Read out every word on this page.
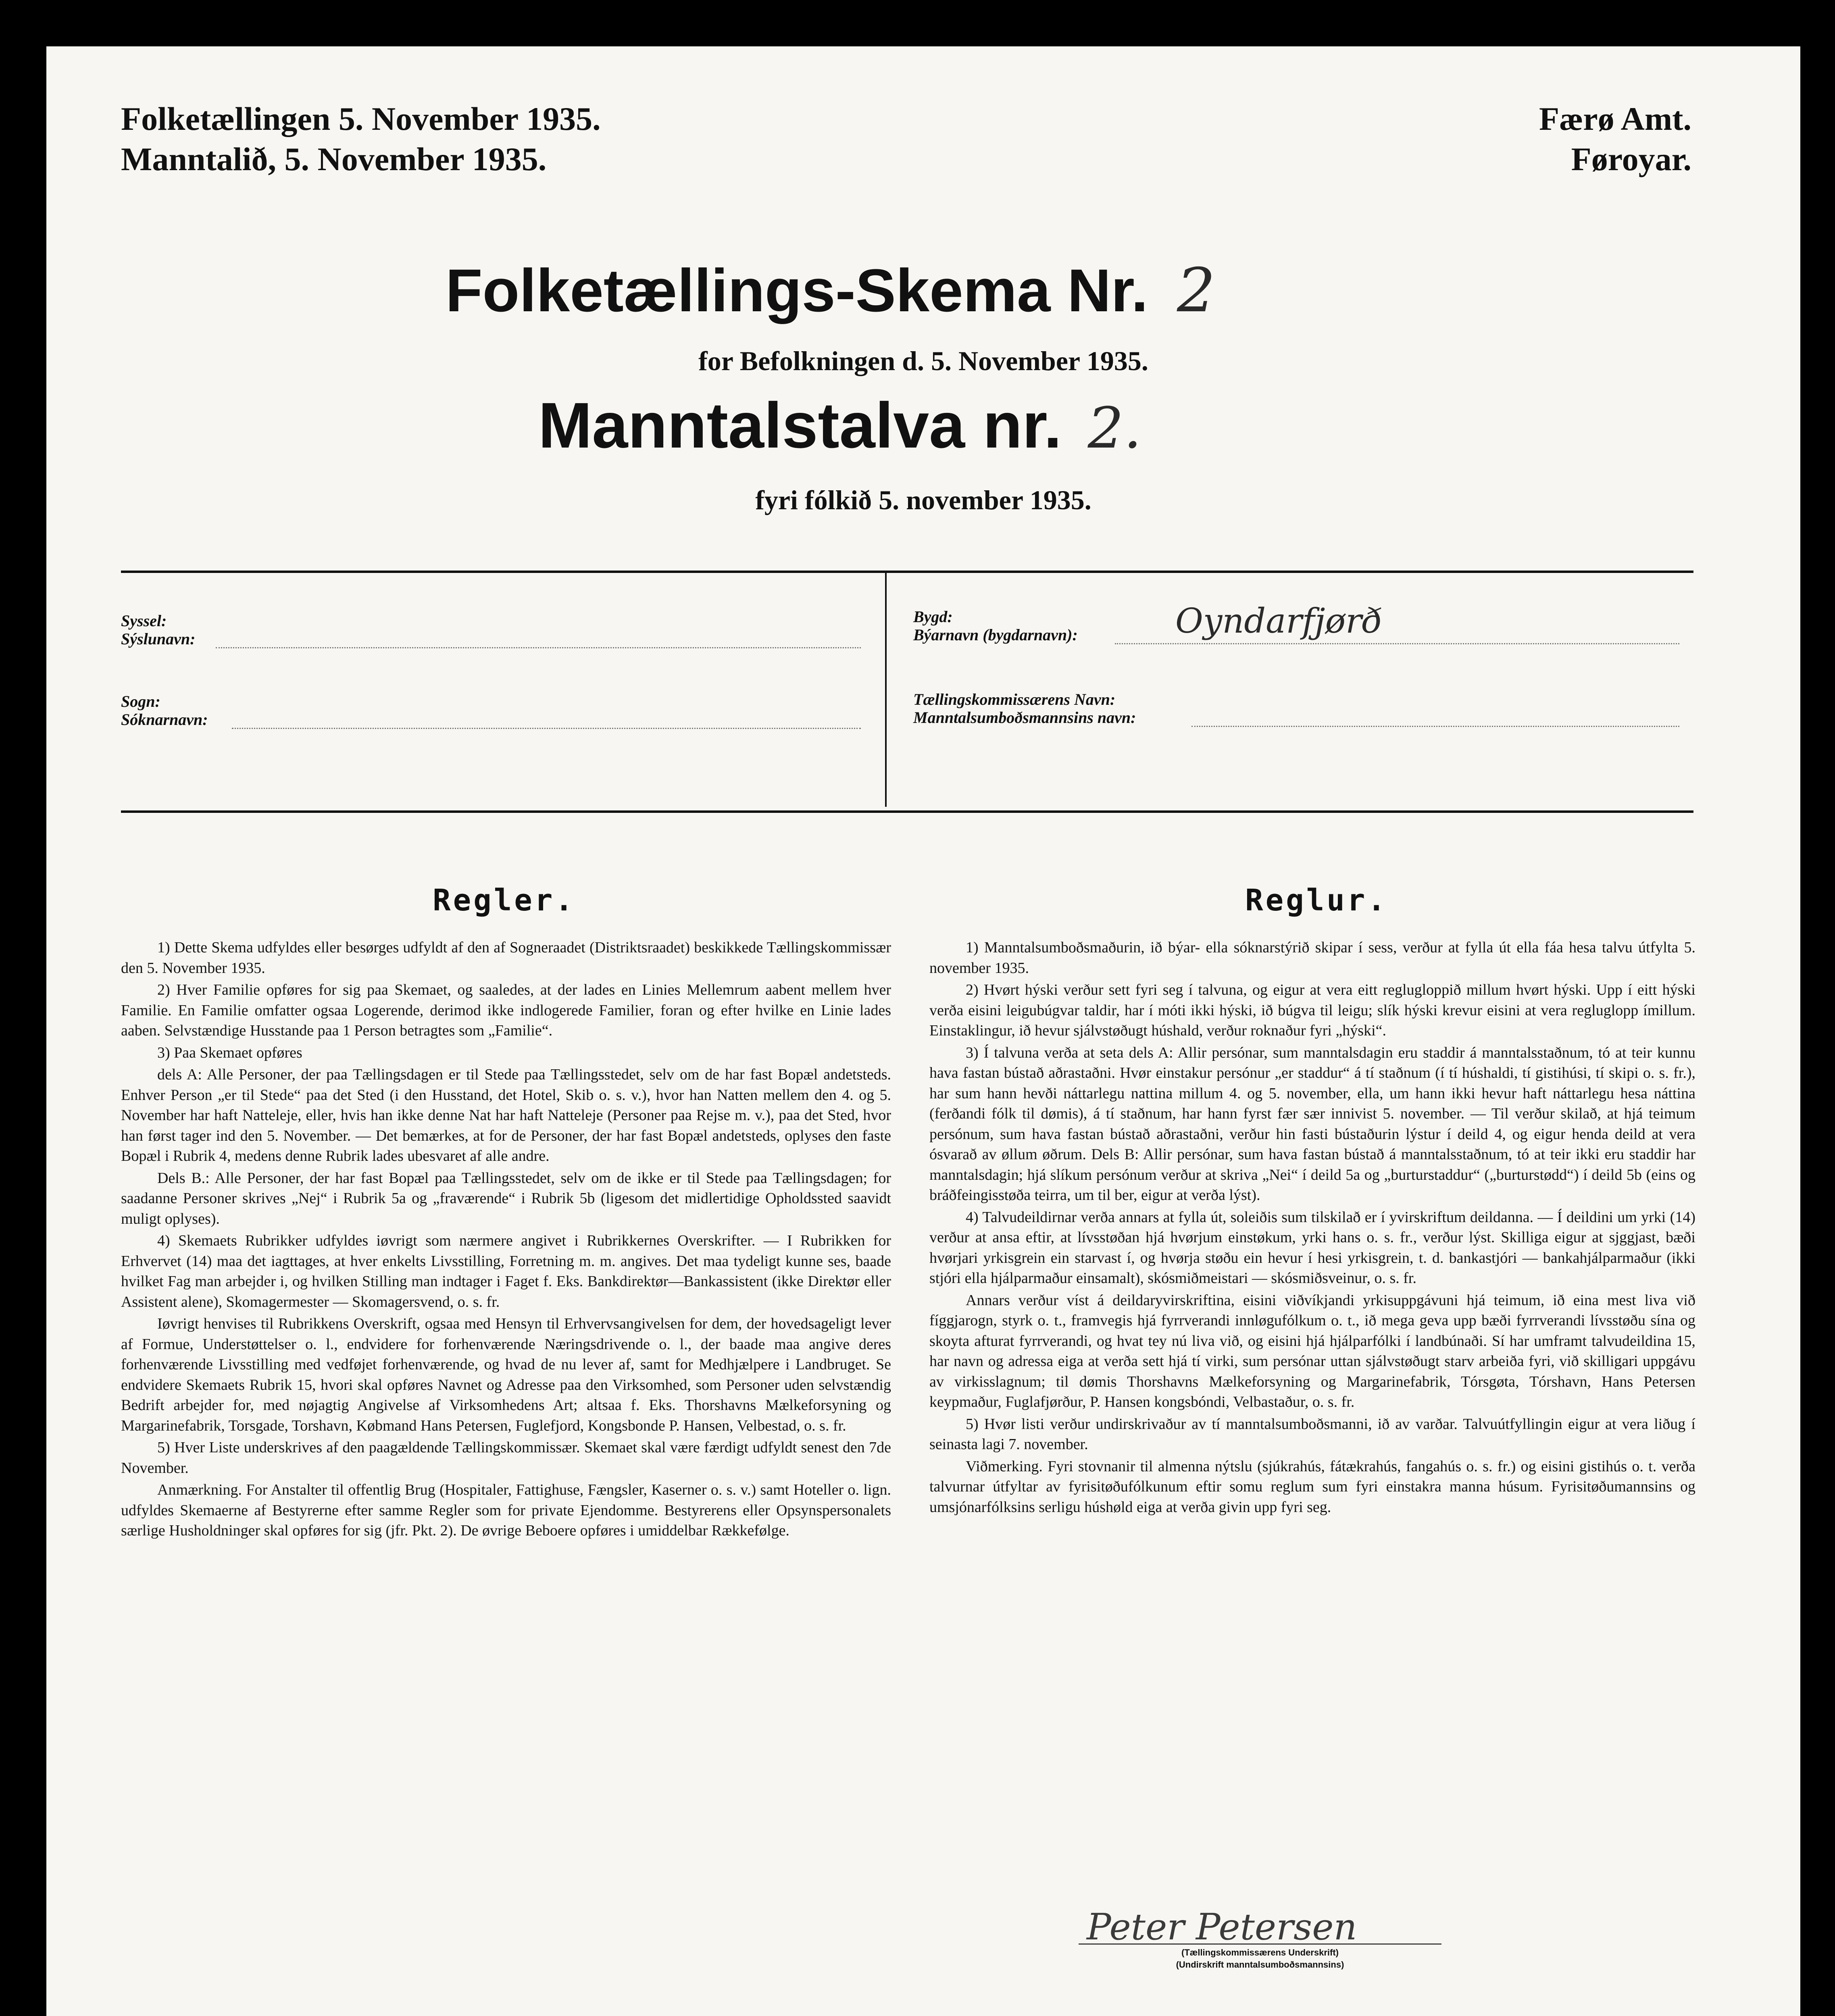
Folketællingen 5. November 1935.
Manntalið, 5. November 1935.
Færø Amt.
Føroyar.
Folketællings-Skema Nr. 2
for Befolkningen d. 5. November 1935.
Manntalstalva nr. 2.
fyri fólkið 5. november 1935.
Syssel:
Sýslunavn:
Sogn:
Sóknarnavn:
Bygd:
Býarnavn (bygdarnavn):	Oyndarfjørð
Tællingskommissærens Navn:
Manntalsumboðsmannsins navn:
Regler.

1) Dette Skema udfyldes eller besørges udfyldt af den af Sogneraadet (Distriktsraadet) beskikkede Tællingskommissær den 5. November 1935.

2) Hver Familie opføres for sig paa Skemaet, og saaledes, at der lades en Linies Mellemrum aabent mellem hver Familie. En Familie omfatter ogsaa Logerende, derimod ikke indlogerede Familier, foran og efter hvilke en Linie lades aaben. Selvstændige Husstande paa 1 Person betragtes som „Familie“.

3) Paa Skemaet opføres

dels A: Alle Personer, der paa Tællingsdagen er til Stede paa Tællingsstedet, selv om de har fast Bopæl andetsteds. Enhver Person „er til Stede“ paa det Sted (i den Husstand, det Hotel, Skib o. s. v.), hvor han Natten mellem den 4. og 5. November har haft Natteleje, eller, hvis han ikke denne Nat har haft Natteleje (Personer paa Rejse m. v.), paa det Sted, hvor han først tager ind den 5. November. — Det bemærkes, at for de Personer, der har fast Bopæl andetsteds, oplyses den faste Bopæl i Rubrik 4, medens denne Rubrik lades ubesvaret af alle andre.

Dels B.: Alle Personer, der har fast Bopæl paa Tællingsstedet, selv om de ikke er til Stede paa Tællingsdagen; for saadanne Personer skrives „Nej“ i Rubrik 5a og „fraværende“ i Rubrik 5b (ligesom det midlertidige Opholdssted saavidt muligt oplyses).

4) Skemaets Rubrikker udfyldes iøvrigt som nærmere angivet i Rubrikkernes Overskrifter. — I Rubrikken for Erhvervet (14) maa det iagttages, at hver enkelts Livsstilling, Forretning m. m. angives. Det maa tydeligt kunne ses, baade hvilket Fag man arbejder i, og hvilken Stilling man indtager i Faget f. Eks. Bankdirektør—Bankassistent (ikke Direktør eller Assistent alene), Skomagermester — Skomagersvend, o. s. fr.

Iøvrigt henvises til Rubrikkens Overskrift, ogsaa med Hensyn til Erhvervsangivelsen for dem, der hovedsageligt lever af Formue, Understøttelser o. l., endvidere for forhenværende Næringsdrivende o. l., der baade maa angive deres forhenværende Livsstilling med vedføjet forhenværende, og hvad de nu lever af, samt for Medhjælpere i Landbruget. Se endvidere Skemaets Rubrik 15, hvori skal opføres Navnet og Adresse paa den Virksomhed, som Personer uden selvstændig Bedrift arbejder for, med nøjagtig Angivelse af Virksomhedens Art; altsaa f. Eks. Thorshavns Mælkeforsyning og Margarinefabrik, Torsgade, Torshavn, Købmand Hans Petersen, Fuglefjord, Kongsbonde P. Hansen, Velbestad, o. s. fr.

5) Hver Liste underskrives af den paagældende Tællingskommissær. Skemaet skal være færdigt udfyldt senest den 7de November.

Anmærkning. For Anstalter til offentlig Brug (Hospitaler, Fattighuse, Fængsler, Kaserner o. s. v.) samt Hoteller o. lign. udfyldes Skemaerne af Bestyrerne efter samme Regler som for private Ejendomme. Bestyrerens eller Opsynspersonalets særlige Husholdninger skal opføres for sig (jfr. Pkt. 2). De øvrige Beboere opføres i umiddelbar Rækkefølge.

Reglur.

1) Manntalsumboðsmaðurin, ið býar- ella sóknarstýrið skipar í sess, verður at fylla út ella fáa hesa talvu útfylta 5. november 1935.

2) Hvørt hýski verður sett fyri seg í talvuna, og eigur at vera eitt reglugloppið millum hvørt hýski. Upp í eitt hýski verða eisini leigubúgvar taldir, har í móti ikki hýski, ið búgva til leigu; slík hýski krevur eisini at vera regluglopp ímillum. Einstaklingur, ið hevur sjálvstøðugt húshald, verður roknaður fyri „hýski“.

3) Í talvuna verða at seta dels A: Allir persónar, sum manntalsdagin eru staddir á manntalsstaðnum, tó at teir kunnu hava fastan bústað aðrastaðni. Hvør einstakur persónur „er staddur“ á tí staðnum (í tí húshaldi, tí gistihúsi, tí skipi o. s. fr.), har sum hann hevði náttarlegu nattina millum 4. og 5. november, ella, um hann ikki hevur haft náttarlegu hesa náttina (ferðandi fólk til dømis), á tí staðnum, har hann fyrst fær sær innivist 5. november. — Til verður skilað, at hjá teimum persónum, sum hava fastan bústað aðrastaðni, verður hin fasti bústaðurin lýstur í deild 4, og eigur henda deild at vera ósvarað av øllum øðrum. Dels B: Allir persónar, sum hava fastan bústað á manntalsstaðnum, tó at teir ikki eru staddir har manntalsdagin; hjá slíkum persónum verður at skriva „Nei“ í deild 5a og „burturstaddur“ („burturstødd“) í deild 5b (eins og bráðfeingisstøða teirra, um til ber, eigur at verða lýst).

4) Talvudeildirnar verða annars at fylla út, soleiðis sum tilskilað er í yvirskriftum deildanna. — Í deildini um yrki (14) verður at ansa eftir, at lívsstøðan hjá hvørjum einstøkum, yrki hans o. s. fr., verður lýst. Skilliga eigur at sjggjast, bæði hvørjari yrkisgrein ein starvast í, og hvørja støðu ein hevur í hesi yrkisgrein, t. d. bankastjóri — bankahjálparmaður (ikki stjóri ella hjálparmaður einsamalt), skósmiðmeistari — skósmiðsveinur, o. s. fr.

Annars verður víst á deildaryvirskriftina, eisini viðvíkjandi yrkisuppgávuni hjá teimum, ið eina mest liva við fíggjarogn, styrk o. t., framvegis hjá fyrrverandi innløgufólkum o. t., ið mega geva upp bæði fyrrverandi lívsstøðu sína og skoyta afturat fyrrverandi, og hvat tey nú liva við, og eisini hjá hjálparfólki í landbúnaði. Sí har umframt talvudeildina 15, har navn og adressa eiga at verða sett hjá tí virki, sum persónar uttan sjálvstøðugt starv arbeiða fyri, við skilligari uppgávu av virkisslagnum; til dømis Thorshavns Mælkeforsyning og Margarinefabrik, Tórsgøta, Tórshavn, Hans Petersen keypmaður, Fuglafjørður, P. Hansen kongsbóndi, Velbastaður, o. s. fr.

5) Hvør listi verður undirskrivaður av tí manntalsumboðsmanni, ið av varðar. Talvuútfyllingin eigur at vera liðug í seinasta lagi 7. november.

Viðmerking. Fyri stovnanir til almenna nýtslu (sjúkrahús, fátækrahús, fangahús o. s. fr.) og eisini gistihús o. t. verða talvurnar útfyltar av fyrisitøðufólkunum eftir somu reglum sum fyri einstakra manna húsum. Fyrisitøðumannsins og umsjónarfólksins serligu húshøld eiga at verða givin upp fyri seg.

Peter Petersen
(Tællingskommissærens Underskrift)
(Undirskrift manntalsumboðsmannsins)
